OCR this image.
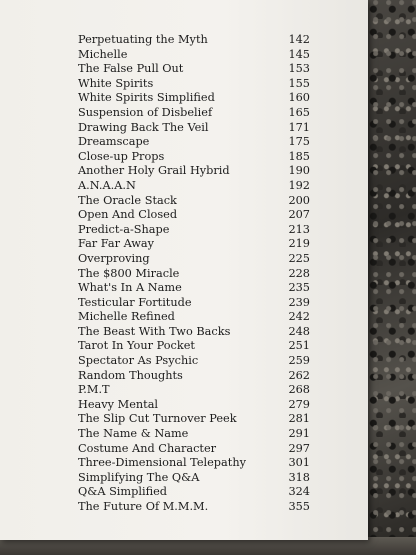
Perpetuating the Myth	142
Michelle	145
The False Pull Out	153
White Spirits	155
White Spirits Simplified	160
Suspension of Disbelief	165
Drawing Back The Veil	171
Dreamscape	175
Close-up Props	185
Another Holy Grail Hybrid	190
A.N.A.A.N	192
The Oracle Stack	200
Open And Closed	207
Predict-a-Shape	213
Far Far Away	219
Overproving	225
The $800 Miracle	228
What's In A Name	235
Testicular Fortitude	239
Michelle Refined	242
The Beast With Two Backs	248
Tarot In Your Pocket	251
Spectator As Psychic	259
Random Thoughts	262
P.M.T	268
Heavy Mental	279
The Slip Cut Turnover Peek	281
The Name & Name	291
Costume And Character	297
Three-Dimensional Telepathy	301
Simplifying The Q&A	318
Q&A Simplified	324
The Future Of M.M.M.	355
